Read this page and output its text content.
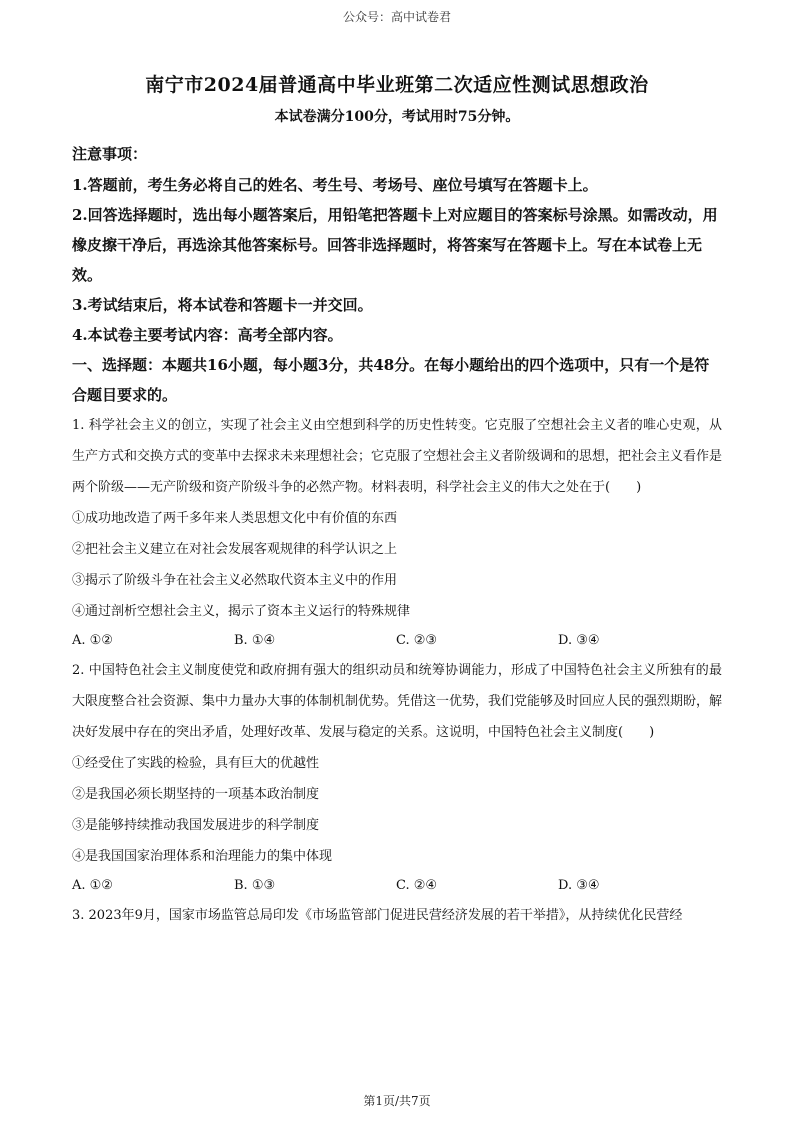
公众号：高中试卷君
南宁市2024届普通高中毕业班第二次适应性测试思想政治
本试卷满分100分，考试用时75分钟。
注意事项：
1.答题前，考生务必将自己的姓名、考生号、考场号、座位号填写在答题卡上。
2.回答选择题时，选出每小题答案后，用铅笔把答题卡上对应题目的答案标号涂黑。如需改动，用橡皮擦干净后，再选涂其他答案标号。回答非选择题时，将答案写在答题卡上。写在本试卷上无效。
3.考试结束后，将本试卷和答题卡一并交回。
4.本试卷主要考试内容：高考全部内容。
一、选择题：本题共16小题，每小题3分，共48分。在每小题给出的四个选项中，只有一个是符合题目要求的。
1. 科学社会主义的创立，实现了社会主义由空想到科学的历史性转变。它克服了空想社会主义者的唯心史观，从生产方式和交换方式的变革中去探求未来理想社会；它克服了空想社会主义者阶级调和的思想，把社会主义看作是两个阶级——无产阶级和资产阶级斗争的必然产物。材料表明，科学社会主义的伟大之处在于(　　)
①成功地改造了两千多年来人类思想文化中有价值的东西
②把社会主义建立在对社会发展客观规律的科学认识之上
③揭示了阶级斗争在社会主义必然取代资本主义中的作用
④通过剖析空想社会主义，揭示了资本主义运行的特殊规律
A. ①②	B. ①④	C. ②③	D. ③④
2. 中国特色社会主义制度使党和政府拥有强大的组织动员和统筹协调能力，形成了中国特色社会主义所独有的最大限度整合社会资源、集中力量办大事的体制机制优势。凭借这一优势，我们党能够及时回应人民的强烈期盼，解决好发展中存在的突出矛盾，处理好改革、发展与稳定的关系。这说明，中国特色社会主义制度(　　)
①经受住了实践的检验，具有巨大的优越性
②是我国必须长期坚持的一项基本政治制度
③是能够持续推动我国发展进步的科学制度
④是我国国家治理体系和治理能力的集中体现
A. ①②	B. ①③	C. ②④	D. ③④
3. 2023年9月，国家市场监管总局印发《市场监管部门促进民营经济发展的若干举措》，从持续优化民营经
第1页/共7页
